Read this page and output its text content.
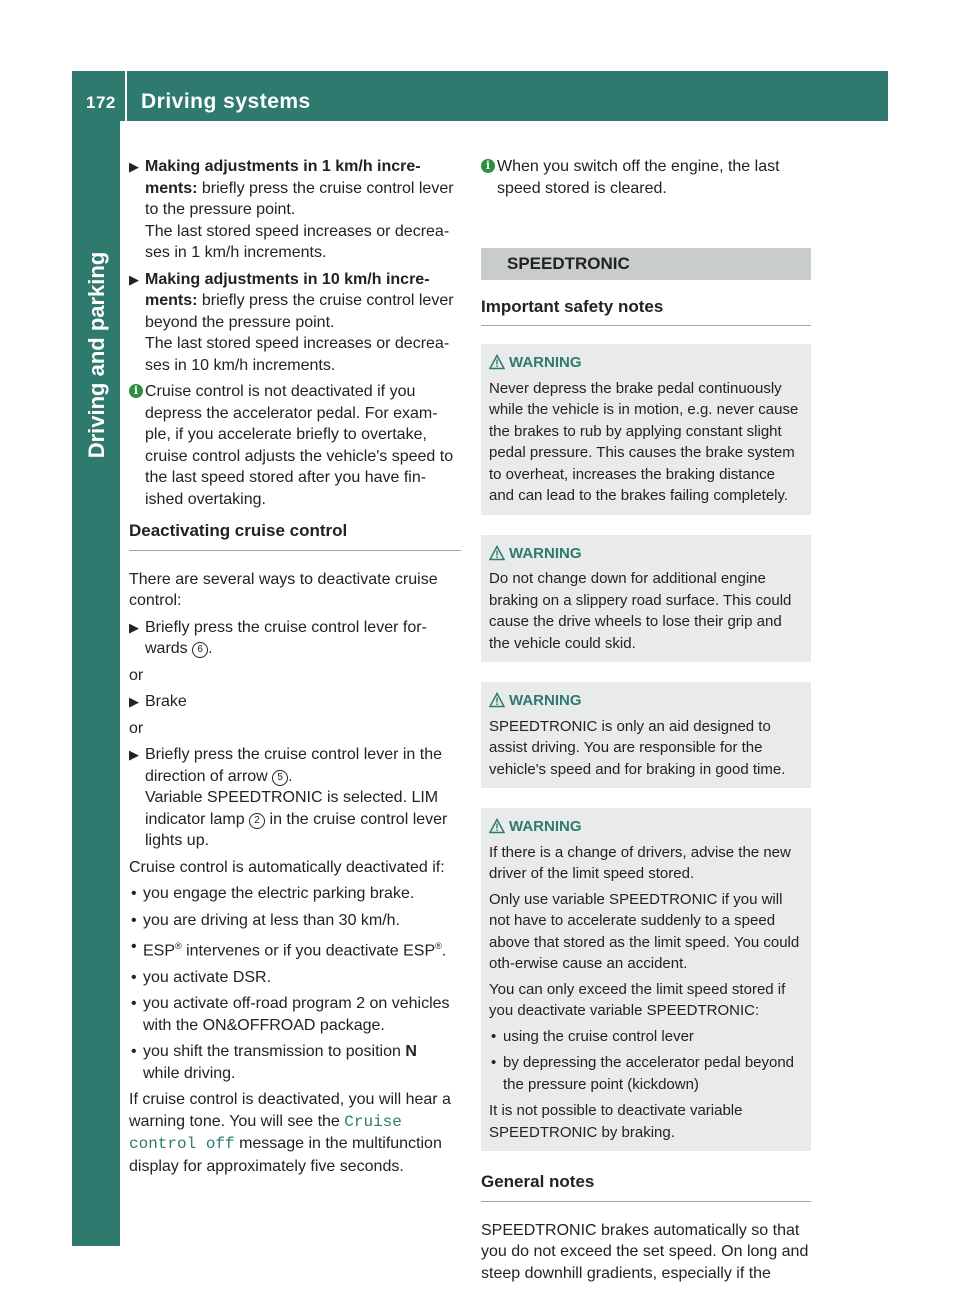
172 Driving systems
Driving and parking
▶ Making adjustments in 1 km/h incre-ments: briefly press the cruise control lever to the pressure point.
The last stored speed increases or decrea-ses in 1 km/h increments.
▶ Making adjustments in 10 km/h incre-ments: briefly press the cruise control lever beyond the pressure point.
The last stored speed increases or decrea-ses in 10 km/h increments.
i Cruise control is not deactivated if you depress the accelerator pedal. For exam-ple, if you accelerate briefly to overtake, cruise control adjusts the vehicle's speed to the last speed stored after you have fin-ished overtaking.
Deactivating cruise control

There are several ways to deactivate cruise control:

▶ Briefly press the cruise control lever for-wards 6 .

or

▶ Brake

or

▶ Briefly press the cruise control lever in the direction of arrow 5 .
Variable SPEEDTRONIC is selected. LIM indicator lamp 2 in the cruise control lever lights up.

Cruise control is automatically deactivated if:

• you engage the electric parking brake.
• you are driving at less than 30 km/h.
• ESP® intervenes or if you deactivate ESP®.
• you activate DSR.
• you activate off-road program 2 on vehicles with the ON&OFFROAD package.
• you shift the transmission to position N
while driving.

If cruise control is deactivated, you will hear a warning tone. You will see the Cruise control off message in the multifunction display for approximately five seconds.

i When you switch off the engine, the last speed stored is cleared.
SPEEDTRONIC
Important safety notes
WARNING
Never depress the brake pedal continuously while the vehicle is in motion, e.g. never cause the brakes to rub by applying constant slight pedal pressure. This causes the brake system to overheat, increases the braking distance and can lead to the brakes failing completely.
WARNING
Do not change down for additional engine braking on a slippery road surface. This could cause the drive wheels to lose their grip and the vehicle could skid.
WARNING
SPEEDTRONIC is only an aid designed to assist driving. You are responsible for the vehicle's speed and for braking in good time.
WARNING
If there is a change of drivers, advise the new driver of the limit speed stored.
Only use variable SPEEDTRONIC if you will not have to accelerate suddenly to a speed above that stored as the limit speed. You could oth-erwise cause an accident.
You can only exceed the limit speed stored if you deactivate variable SPEEDTRONIC:
• using the cruise control lever
• by depressing the accelerator pedal beyond the pressure point (kickdown)
It is not possible to deactivate variable SPEEDTRONIC by braking.
General notes

SPEEDTRONIC brakes automatically so that you do not exceed the set speed. On long and steep downhill gradients, especially if the
